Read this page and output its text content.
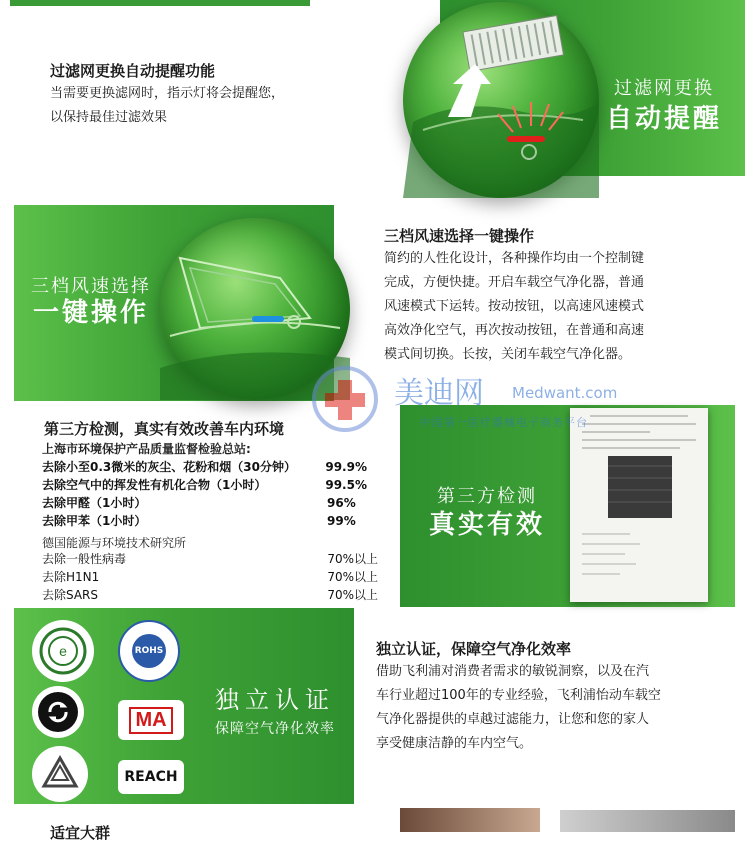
过滤网更换自动提醒功能
当需要更换滤网时，指示灯将会提醒您，
以保持最佳过滤效果
过滤网更换
自动提醒
三档风速选择
一键操作
三档风速选择一键操作
简约的人性化设计，各种操作均由一个控制键
完成，方便快捷。开启车载空气净化器，普通
风速模式下运转。按动按钮，以高速风速模式
高效净化空气，再次按动按钮，在普通和高速
模式间切换。长按，关闭车载空气净化器。
第三方检测，真实有效改善车内环境
上海市环境保护产品质量监督检验总站:
去除小至0.3微米的灰尘、花粉和烟（30分钟） 99.9%
去除空气中的挥发性有机化合物（1小时）	99.5%
去除甲醛（1小时）	96%
去除甲苯（1小时）	99%
德国能源与环境技术研究所
去除一般性病毒	70%以上
去除H1N1	70%以上
去除SARS	70%以上
第三方检测
真实有效
美迪网 Medwant.com
中国第一医疗器械电子商务平台
e	ROHS
MA
REACH
独立认证
保障空气净化效率
独立认证，保障空气净化效率
借助飞利浦对消费者需求的敏锐洞察，以及在汽
车行业超过100年的专业经验，飞利浦怡动车载空
气净化器提供的卓越过滤能力，让您和您的家人
享受健康洁静的车内空气。
适宜大群
